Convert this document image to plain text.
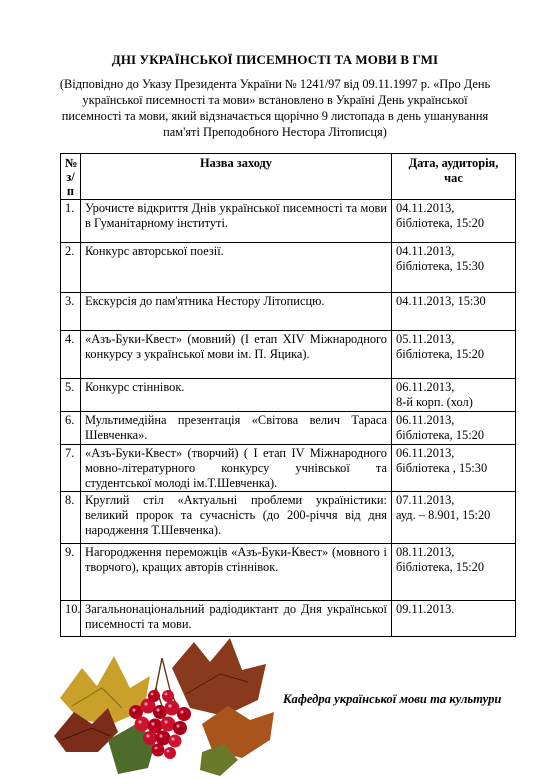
ДНІ УКРАЇНСЬКОЇ ПИСЕМНОСТІ ТА МОВИ В ГМІ
(Відповідно до Указу Президента України № 1241/97 від 09.11.1997 р. «Про День української писемності та мови» встановлено в Україні День української писемності та мови, який відзначається щорічно 9 листопада в день ушанування пам'яті Преподобного Нестора Літописця)
№
з/
п	Назва заходу	Дата, аудиторія,
час
1.	Урочисте відкриття Днів української писемності та мови в Гуманітарному інституті.	04.11.2013,
бібліотека, 15:20
2.	Конкурс авторської поезії.	04.11.2013,
бібліотека, 15:30
3.	Екскурсія до пам'ятника Нестору Літописцю.	04.11.2013, 15:30
4.	«Азъ-Буки-Квест» (мовний) (І етап XIV Міжнародного конкурсу з української мови ім. П. Яцика).	05.11.2013,
бібліотека, 15:20
5.	Конкурс стіннівок.	06.11.2013,
8-й корп. (хол)
6.	Мультимедійна презентація «Світова велич Тараса Шевченка».	06.11.2013,
бібліотека, 15:20
7.	«Азъ-Буки-Квест» (творчий) ( І етап IV Міжнародного мовно-літературного конкурсу учнівської та студентської молоді ім.Т.Шевченка).	06.11.2013,
бібліотека , 15:30
8.	Круглий стіл «Актуальні проблеми україністики: великий пророк та сучасність (до 200-річчя від дня народження Т.Шевченка).	07.11.2013,
ауд. – 8.901, 15:20
9.	Нагородження переможців «Азъ-Буки-Квест» (мовного і творчого), кращих авторів стіннівок.	08.11.2013,
бібліотека, 15:20
10.	Загальнонаціональний радіодиктант до Дня української писемності та мови.	09.11.2013.
Кафедра української мови та культури
